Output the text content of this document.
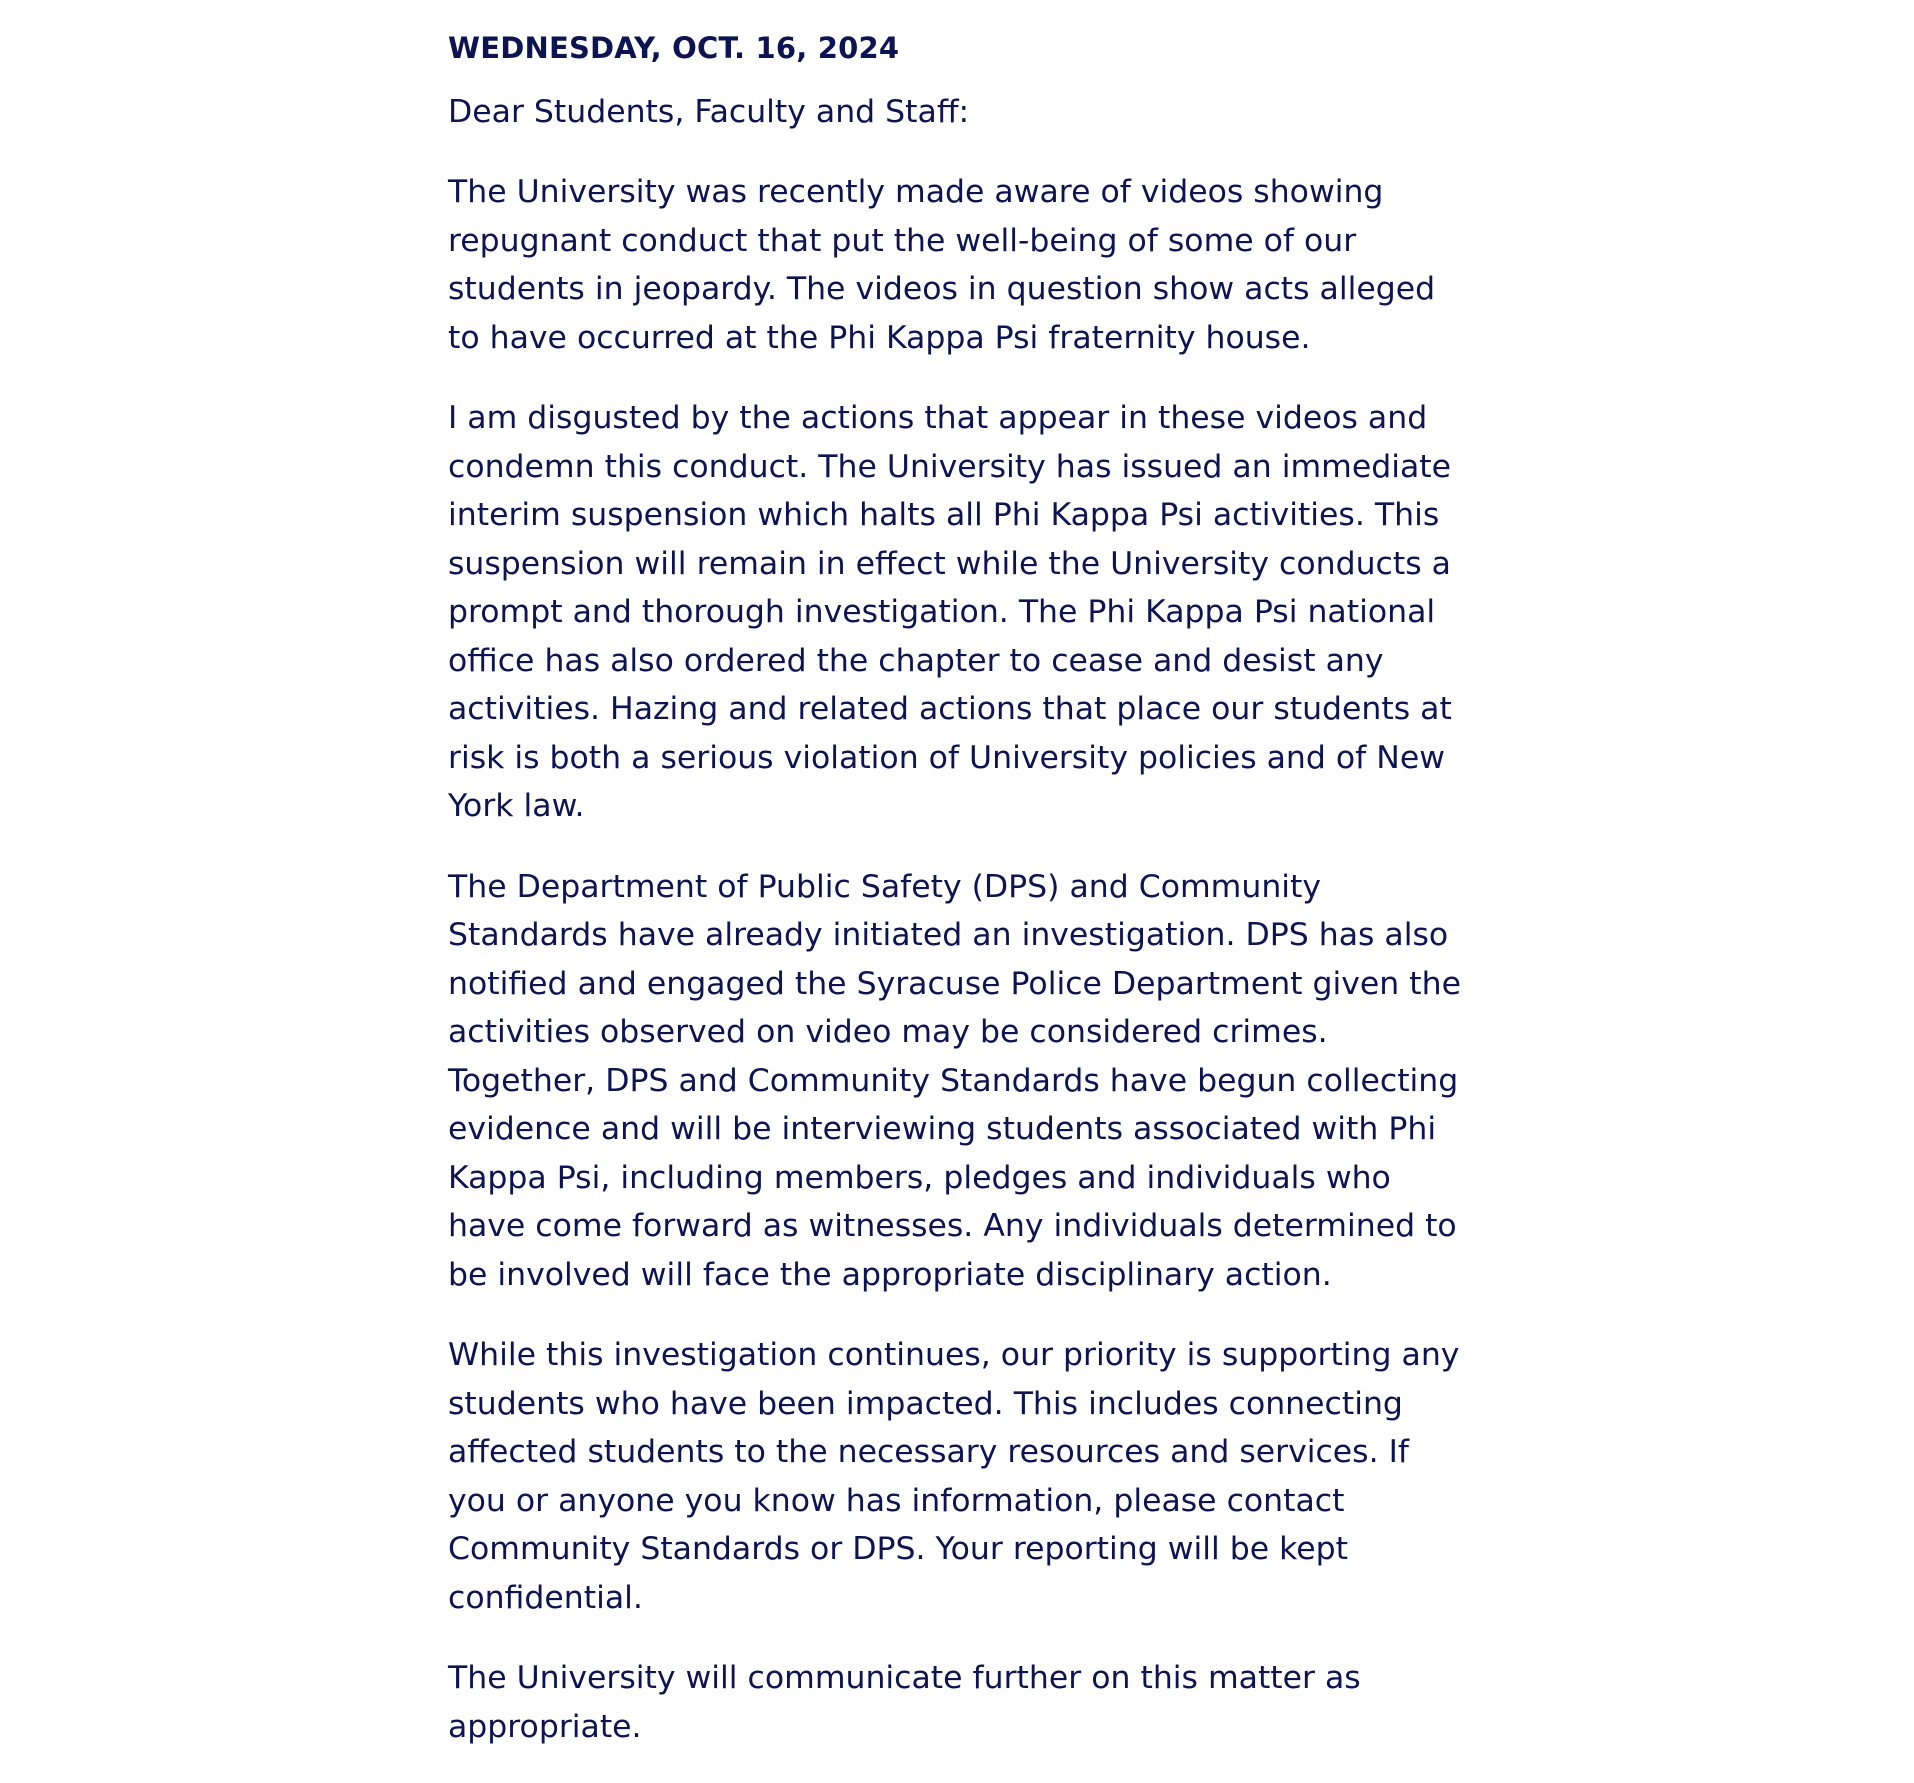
WEDNESDAY, OCT. 16, 2024
Dear Students, Faculty and Staff:
The University was recently made aware of videos showing
repugnant conduct that put the well-being of some of our
students in jeopardy. The videos in question show acts alleged
to have occurred at the Phi Kappa Psi fraternity house.
I am disgusted by the actions that appear in these videos and
condemn this conduct. The University has issued an immediate
interim suspension which halts all Phi Kappa Psi activities. This
suspension will remain in effect while the University conducts a
prompt and thorough investigation. The Phi Kappa Psi national
office has also ordered the chapter to cease and desist any
activities. Hazing and related actions that place our students at
risk is both a serious violation of University policies and of New
York law.
The Department of Public Safety (DPS) and Community
Standards have already initiated an investigation. DPS has also
notified and engaged the Syracuse Police Department given the
activities observed on video may be considered crimes.
Together, DPS and Community Standards have begun collecting
evidence and will be interviewing students associated with Phi
Kappa Psi, including members, pledges and individuals who
have come forward as witnesses. Any individuals determined to
be involved will face the appropriate disciplinary action.
While this investigation continues, our priority is supporting any
students who have been impacted. This includes connecting
affected students to the necessary resources and services. If
you or anyone you know has information, please contact
Community Standards or DPS. Your reporting will be kept
confidential.
The University will communicate further on this matter as
appropriate.
